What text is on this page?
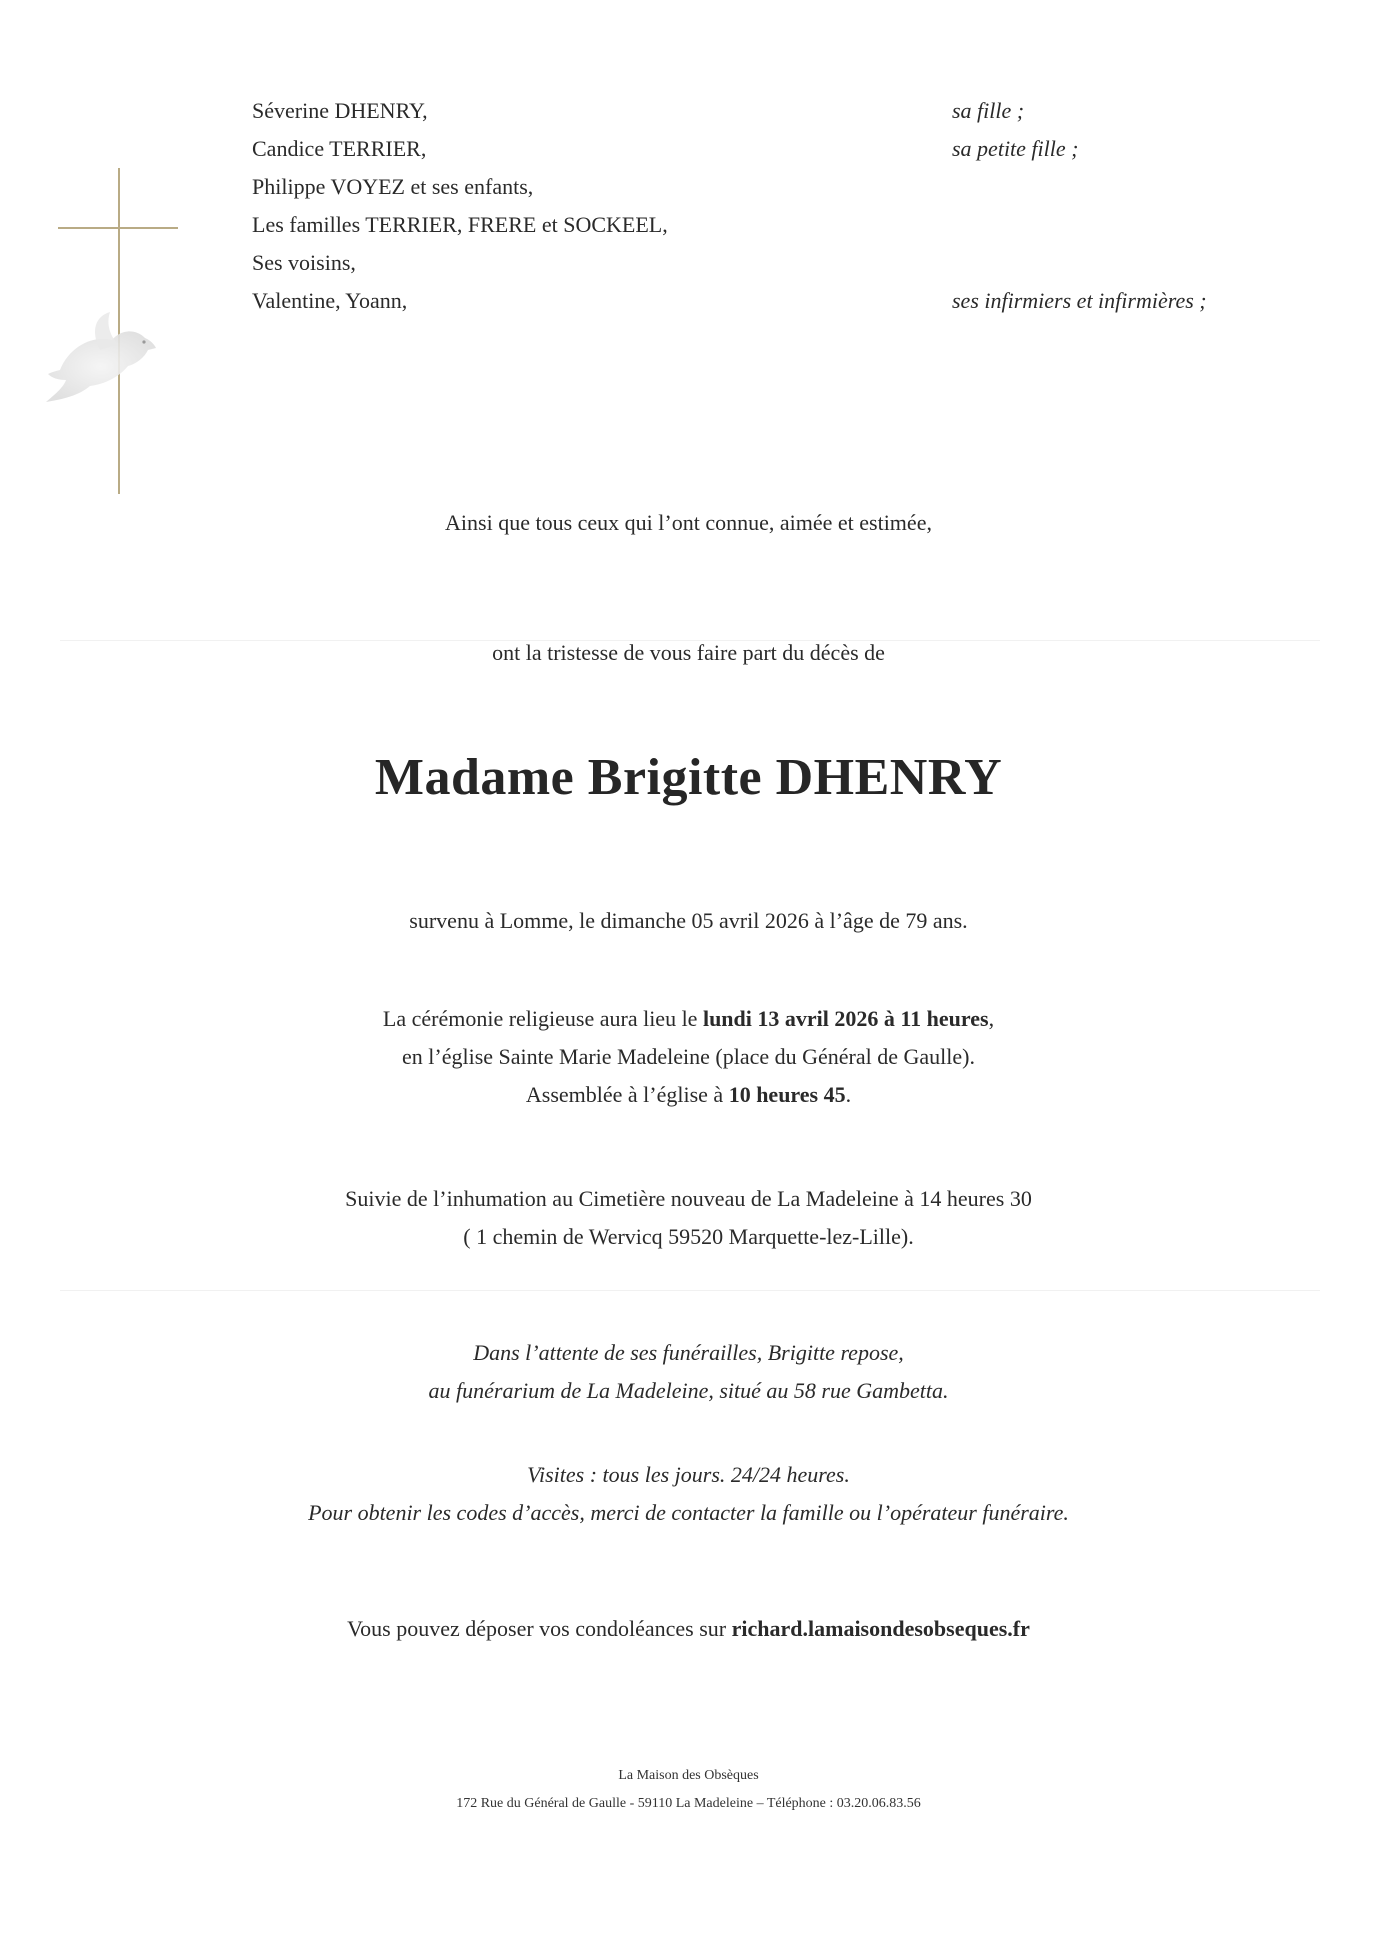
Séverine DHENRY,	sa fille ;
Candice TERRIER,	sa petite fille ;
Philippe VOYEZ et ses enfants,
Les familles TERRIER, FRERE et SOCKEEL,
Ses voisins,
Valentine, Yoann,	ses infirmiers et infirmières ;
Ainsi que tous ceux qui l’ont connue, aimée et estimée,
ont la tristesse de vous faire part du décès de
Madame Brigitte DHENRY
survenu à Lomme, le dimanche 05 avril 2026 à l’âge de 79 ans.
La cérémonie religieuse aura lieu le lundi 13 avril 2026 à 11 heures,
en l’église Sainte Marie Madeleine (place du Général de Gaulle).
Assemblée à l’église à 10 heures 45.
Suivie de l’inhumation au Cimetière nouveau de La Madeleine à 14 heures 30
( 1 chemin de Wervicq 59520 Marquette-lez-Lille).
Dans l’attente de ses funérailles, Brigitte repose,
au funérarium de La Madeleine, situé au 58 rue Gambetta.
Visites : tous les jours. 24/24 heures.
Pour obtenir les codes d’accès, merci de contacter la famille ou l’opérateur funéraire.
Vous pouvez déposer vos condoléances sur richard.lamaisondesobseques.fr
La Maison des Obsèques
172 Rue du Général de Gaulle - 59110 La Madeleine – Téléphone : 03.20.06.83.56
